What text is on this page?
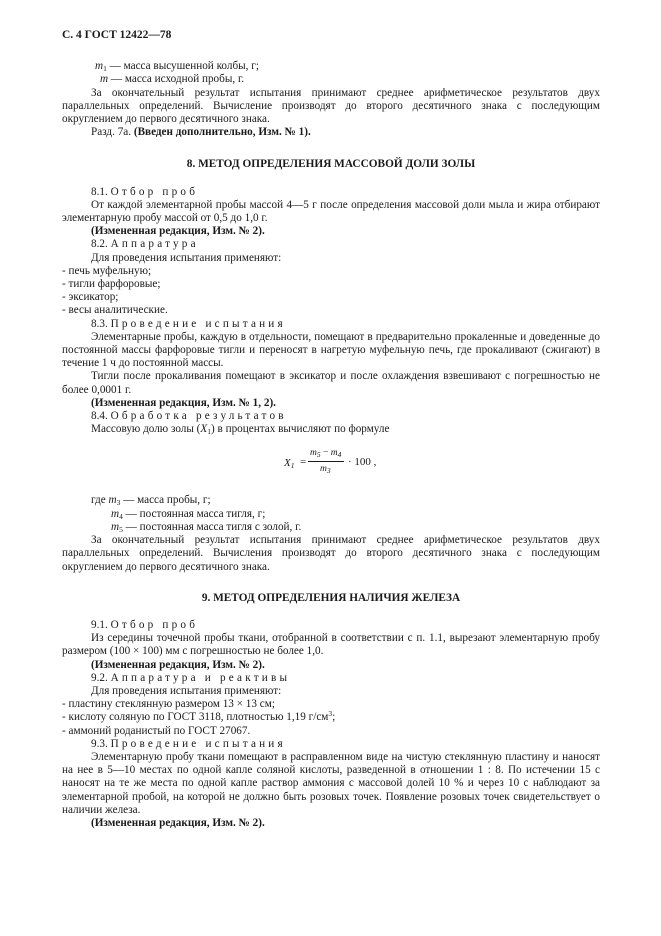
С. 4 ГОСТ 12422—78

$m_1$ — масса высушенной колбы, г;

m — масса исходной пробы, г.

За окончательный результат испытания принимают среднее арифметическое результатов двух параллельных определений. Вычисление производят до второго десятичного знака с последующим округлением до первого десятичного знака.

Разд. 7а. (Введен дополнительно, Изм. № 1).

8. МЕТОД ОПРЕДЕЛЕНИЯ МАССОВОЙ ДОЛИ ЗОЛЫ

8.1. Отбор проб

От каждой элементарной пробы массой 4—5 г после определения массовой доли мыла и жира отбирают элементарную пробу массой от 0,5 до 1,0 г.

(Измененная редакция, Изм. № 2).

8.2. Аппаратура

Для проведения испытания применяют:

- печь муфельную;

- тигли фарфоровые;

- эксикатор;

- весы аналитические.

8.3. Проведение испытания

Элементарные пробы, каждую в отдельности, помещают в предварительно прокаленные и доведенные до постоянной массы фарфоровые тигли и переносят в нагретую муфельную печь, где прокаливают (сжигают) в течение 1 ч до постоянной массы.

Тигли после прокаливания помещают в эксикатор и после охлаждения взвешивают с погрешностью не более 0,0001 г.

(Измененная редакция, Изм. № 1, 2).

8.4. Обработка результатов

Массовую долю золы $(X_1)$ в процентах вычисляют по формуле

$X_1$ =
$m_5 - m_4$
$m_3$
· 100 ,

где $m_3$ — масса пробы, г;

$m_4$ — постоянная масса тигля, г;

$m_5$ — постоянная масса тигля с золой, г.

За окончательный результат испытания принимают среднее арифметическое результатов двух параллельных определений. Вычисления производят до второго десятичного знака с последующим округлением до первого десятичного знака.

9. МЕТОД ОПРЕДЕЛЕНИЯ НАЛИЧИЯ ЖЕЛЕЗА

9.1. Отбор проб

Из середины точечной пробы ткани, отобранной в соответствии с п. 1.1, вырезают элементарную пробу размером (100 × 100) мм с погрешностью не более 1,0.

(Измененная редакция, Изм. № 2).

9.2. Аппаратура и реактивы

Для проведения испытания применяют:

- пластину стеклянную размером 13 × 13 см;

- кислоту соляную по ГОСТ 3118, плотностью 1,19 $г/см^3$;

- аммоний роданистый по ГОСТ 27067.

9.3. Проведение испытания

Элементарную пробу ткани помещают в расправленном виде на чистую стеклянную пластину и наносят на нее в 5—10 местах по одной капле соляной кислоты, разведенной в отношении 1 : 8. По истечении 15 с наносят на те же места по одной капле раствор аммония с массовой долей 10 % и через 10 с наблюдают за элементарной пробой, на которой не должно быть розовых точек. Появление розовых точек свидетельствует о наличии железа.

(Измененная редакция, Изм. № 2).
